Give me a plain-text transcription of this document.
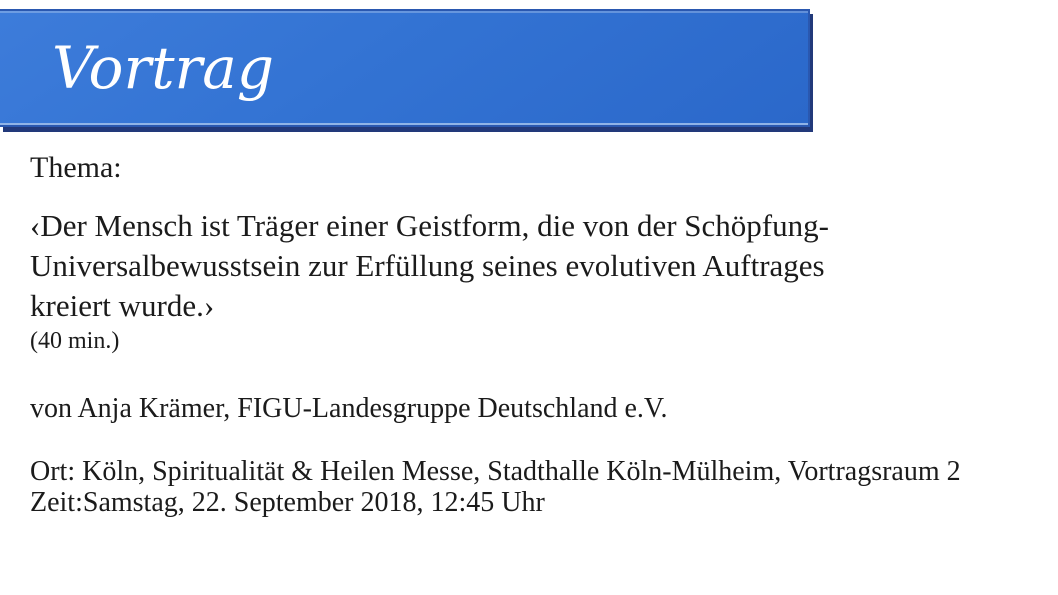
Vortrag

Thema:

‹Der Mensch ist Träger einer Geistform, die von der Schöpfung-
Universalbewusstsein zur Erfüllung seines evolutiven Auftrages
kreiert wurde.›

(40 min.)

von Anja Krämer, FIGU-Landesgruppe Deutschland e.V.

Ort: Köln, Spiritualität & Heilen Messe, Stadthalle Köln-Mülheim, Vortragsraum 2
Zeit:Samstag, 22. September 2018, 12:45 Uhr
